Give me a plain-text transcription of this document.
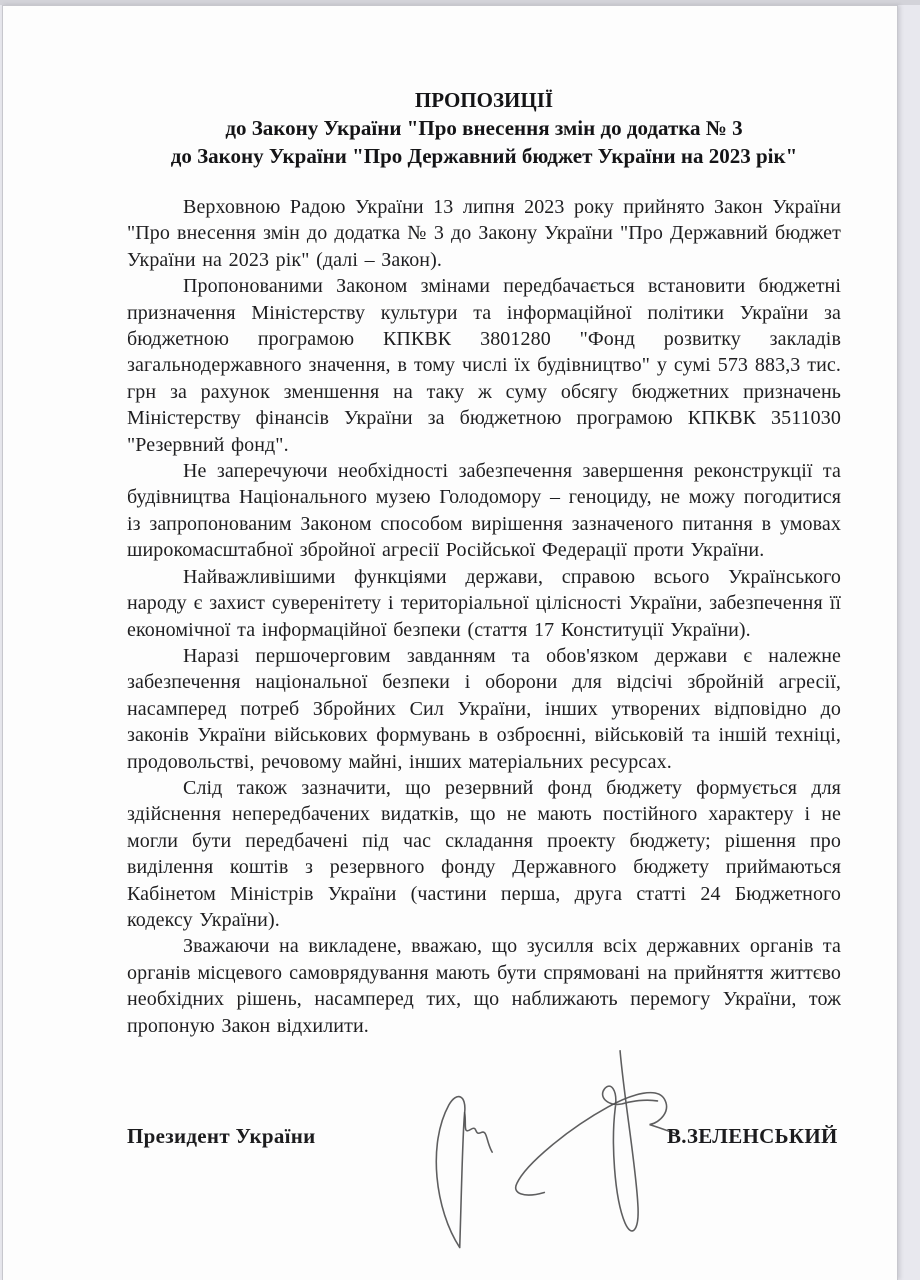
ПРОПОЗИЦІЇ

до Закону України "Про внесення змін до додатка № 3

до Закону України "Про Державний бюджет України на 2023 рік"

Верховною Радою України 13 липня 2023 року прийнято Закон України "Про внесення змін до додатка № 3 до Закону України "Про Державний бюджет України на 2023 рік" (далі – Закон).

Пропонованими Законом змінами передбачається встановити бюджетні призначення Міністерству культури та інформаційної політики України за бюджетною програмою КПКВК 3801280 "Фонд розвитку закладів загальнодержавного значення, в тому числі їх будівництво" у сумі 573 883,3 тис. грн за рахунок зменшення на таку ж суму обсягу бюджетних призначень Міністерству фінансів України за бюджетною програмою КПКВК 3511030 "Резервний фонд".

Не заперечуючи необхідності забезпечення завершення реконструкції та будівництва Національного музею Голодомору – геноциду, не можу погодитися із запропонованим Законом способом вирішення зазначеного питання в умовах широкомасштабної збройної агресії Російської Федерації проти України.

Найважливішими функціями держави, справою всього Українського народу є захист суверенітету і територіальної цілісності України, забезпечення її економічної та інформаційної безпеки (стаття 17 Конституції України).

Наразі першочерговим завданням та обов'язком держави є належне забезпечення національної безпеки і оборони для відсічі збройній агресії, насамперед потреб Збройних Сил України, інших утворених відповідно до законів України військових формувань в озброєнні, військовій та іншій техніці, продовольстві, речовому майні, інших матеріальних ресурсах.

Слід також зазначити, що резервний фонд бюджету формується для здійснення непередбачених видатків, що не мають постійного характеру і не могли бути передбачені під час складання проекту бюджету; рішення про виділення коштів з резервного фонду Державного бюджету приймаються Кабінетом Міністрів України (частини перша, друга статті 24 Бюджетного кодексу України).

Зважаючи на викладене, вважаю, що зусилля всіх державних органів та органів місцевого самоврядування мають бути спрямовані на прийняття життєво необхідних рішень, насамперед тих, що наближають перемогу України, тож пропоную Закон відхилити.

Президент України	В.ЗЕЛЕНСЬКИЙ
